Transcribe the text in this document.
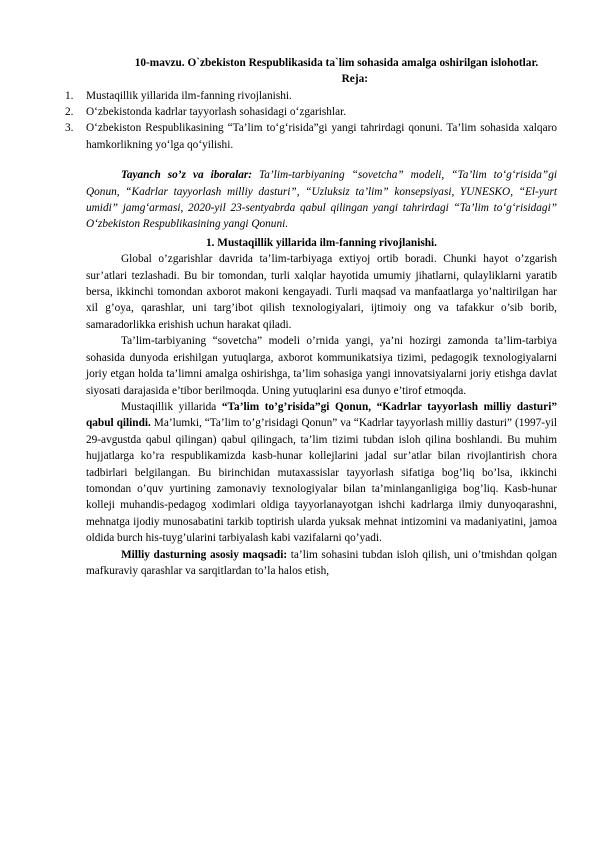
10-mavzu. O`zbekiston Respublikasida ta`lim sohasida amalga oshirilgan islohotlar.

Reja:

1. Mustaqillik yillarida ilm-fanning rivojlanishi.
2. O‘zbekistonda kadrlar tayyorlash sohasidagi o‘zgarishlar.
3. O‘zbekiston Respublikasining “Ta’lim to‘g‘risida”gi yangi tahrirdagi qonuni. Ta’lim sohasida xalqaro hamkorlikning yo‘lga qo‘yilishi.

Tayanch so’z va iboralar: Ta’lim-tarbiyaning “sovetcha” modeli, “Ta’lim to‘g‘risida”gi Qonun, “Kadrlar tayyorlash milliy dasturi”, “Uzluksiz ta’lim” konsepsiyasi, YUNESKO, “El-yurt umidi” jamg‘armasi, 2020-yil 23-sentyabrda qabul qilingan yangi tahrirdagi “Ta’lim to‘g‘risidagi” O‘zbekiston Respublikasining yangi Qonuni.

1. Mustaqillik yillarida ilm-fanning rivojlanishi.

Global o’zgarishlar davrida ta’lim-tarbiyaga extiyoj ortib boradi. Chunki hayot o’zgarish sur’atlari tezlashadi. Bu bir tomondan, turli xalqlar hayotida umumiy jihatlarni, qulayliklarni yaratib bersa, ikkinchi tomondan axborot makoni kengayadi. Turli maqsad va manfaatlarga yo’naltirilgan har xil g’oya, qarashlar, uni targ’ibot qilish texnologiyalari, ijtimoiy ong va tafakkur o’sib borib, samaradorlikka erishish uchun harakat qiladi.

Ta’lim-tarbiyaning “sovetcha” modeli o’rnida yangi, ya’ni hozirgi zamonda ta’lim-tarbiya sohasida dunyoda erishilgan yutuqlarga, axborot kommunikatsiya tizimi, pedagogik texnologiyalarni joriy etgan holda ta’limni amalga oshirishga, ta’lim sohasiga yangi innovatsiyalarni joriy etishga davlat siyosati darajasida e’tibor berilmoqda. Uning yutuqlarini esa dunyo e’tirof etmoqda.

Mustaqillik yillarida “Ta’lim to’g’risida”gi Qonun, “Kadrlar tayyorlash milliy dasturi” qabul qilindi. Ma’lumki, “Ta’lim to’g’risidagi Qonun” va “Kadrlar tayyorlash milliy dasturi” (1997-yil 29-avgustda qabul qilingan) qabul qilingach, ta’lim tizimi tubdan isloh qilina boshlandi. Bu muhim hujjatlarga ko’ra respublikamizda kasb-hunar kollejlarini jadal sur’atlar bilan rivojlantirish chora tadbirlari belgilangan. Bu birinchidan mutaxassislar tayyorlash sifatiga bog’liq bo’lsa, ikkinchi tomondan o’quv yurtining zamonaviy texnologiyalar bilan ta’minlanganligiga bog’liq. Kasb-hunar kolleji muhandis-pedagog xodimlari oldiga tayyorlanayotgan ishchi kadrlarga ilmiy dunyoqarashni, mehnatga ijodiy munosabatini tarkib toptirish ularda yuksak mehnat intizomini va madaniyatini, jamoa oldida burch his-tuyg’ularini tarbiyalash kabi vazifalarni qo’yadi.

Milliy dasturning asosiy maqsadi: ta’lim sohasini tubdan isloh qilish, uni o’tmishdan qolgan mafkuraviy qarashlar va sarqitlardan to’la halos etish,
